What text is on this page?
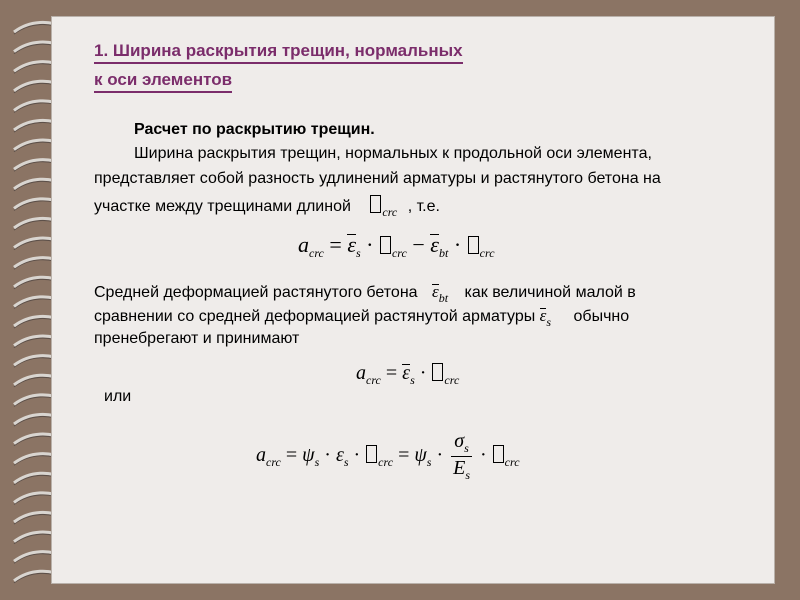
1. Ширина раскрытия трещин, нормальных
к оси элементов
Расчет по раскрытию трещин.
Ширина раскрытия трещин, нормальных к продольной оси элемента,
представляет собой разность удлинений арматуры и растянутого бетона на
участке между трещинами длиной	$_{crc}$ , т.е.
$a_{crc} = \varepsilon_s \cdot _{crc} - \varepsilon_{bt} \cdot _{crc}$
Средней деформацией растянутого бетона $\varepsilon_{bt}$ как величиной малой в
сравнении со средней деформацией растянутой арматуры $\varepsilon_s$ обычно
пренебрегают и принимают
$a_{crc} = \varepsilon_s \cdot _{crc}$
или
$a_{crc} = \psi_s \cdot \varepsilon_s \cdot _{crc} = \psi_s \cdot \frac{\sigma_s}{E_s} \cdot _{crc}$
